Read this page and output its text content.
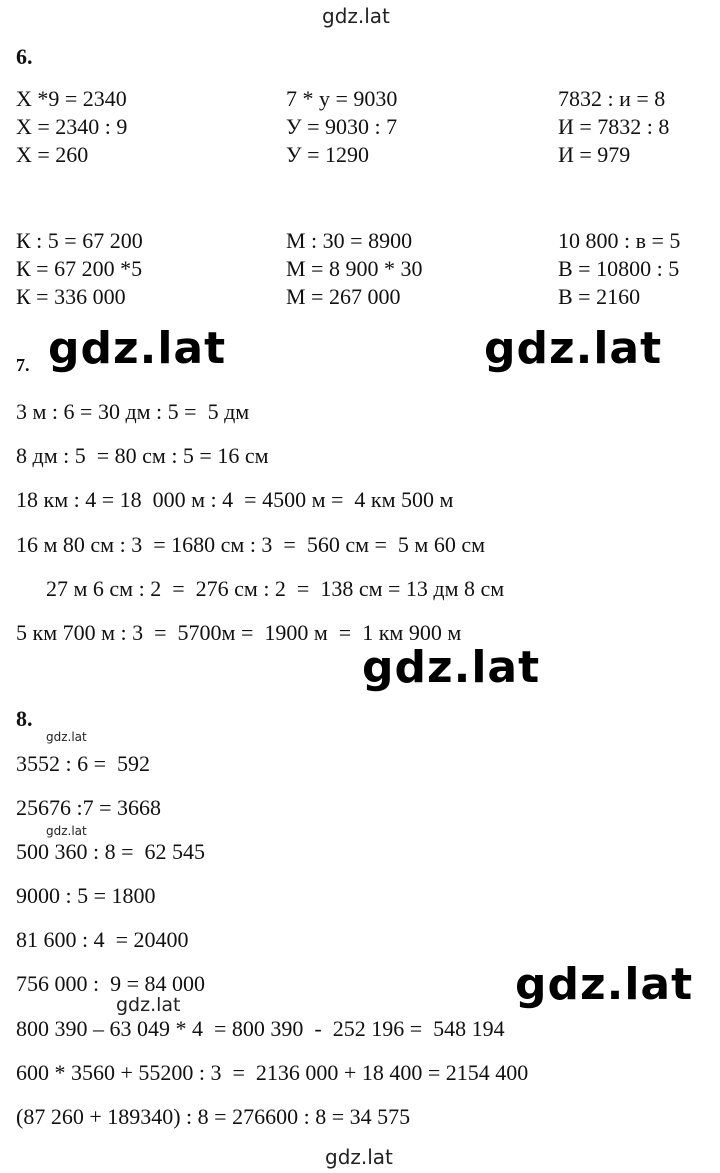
gdz.lat
6.
X *9 = 2340	7 * у = 9030	7832 : и = 8
X = 2340 : 9	У = 9030 : 7	И = 7832 : 8
X = 260	У = 1290	И = 979
К : 5 = 67 200	М : 30 = 8900	10 800 : в = 5
К = 67 200 *5	М = 8 900 * 30	В = 10800 : 5
К = 336 000	М = 267 000	В = 2160
7. gdz.lat	gdz.lat
3 м : 6 = 30 дм : 5 =  5 дм
8 дм : 5  = 80 см : 5 = 16 см
18 км : 4 = 18  000 м : 4  = 4500 м =  4 км 500 м
16 м 80 см : 3  = 1680 см : 3  =  560 см =  5 м 60 см
27 м 6 см : 2  =  276 см : 2  =  138 см = 13 дм 8 см
5 км 700 м : 3  =  5700м =  1900 м  =  1 км 900 м
gdz.lat
8.
gdz.lat
3552 : 6 =  592
25676 :7 = 3668
gdz.lat
500 360 : 8 =  62 545
9000 : 5 = 1800
81 600 : 4  = 20400
756 000 :  9 = 84 000	gdz.lat
gdz.lat
800 390 – 63 049 * 4  = 800 390  -  252 196 =  548 194
600 * 3560 + 55200 : 3  =  2136 000 + 18 400 = 2154 400
(87 260 + 189340) : 8 = 276600 : 8 = 34 575
gdz.lat
